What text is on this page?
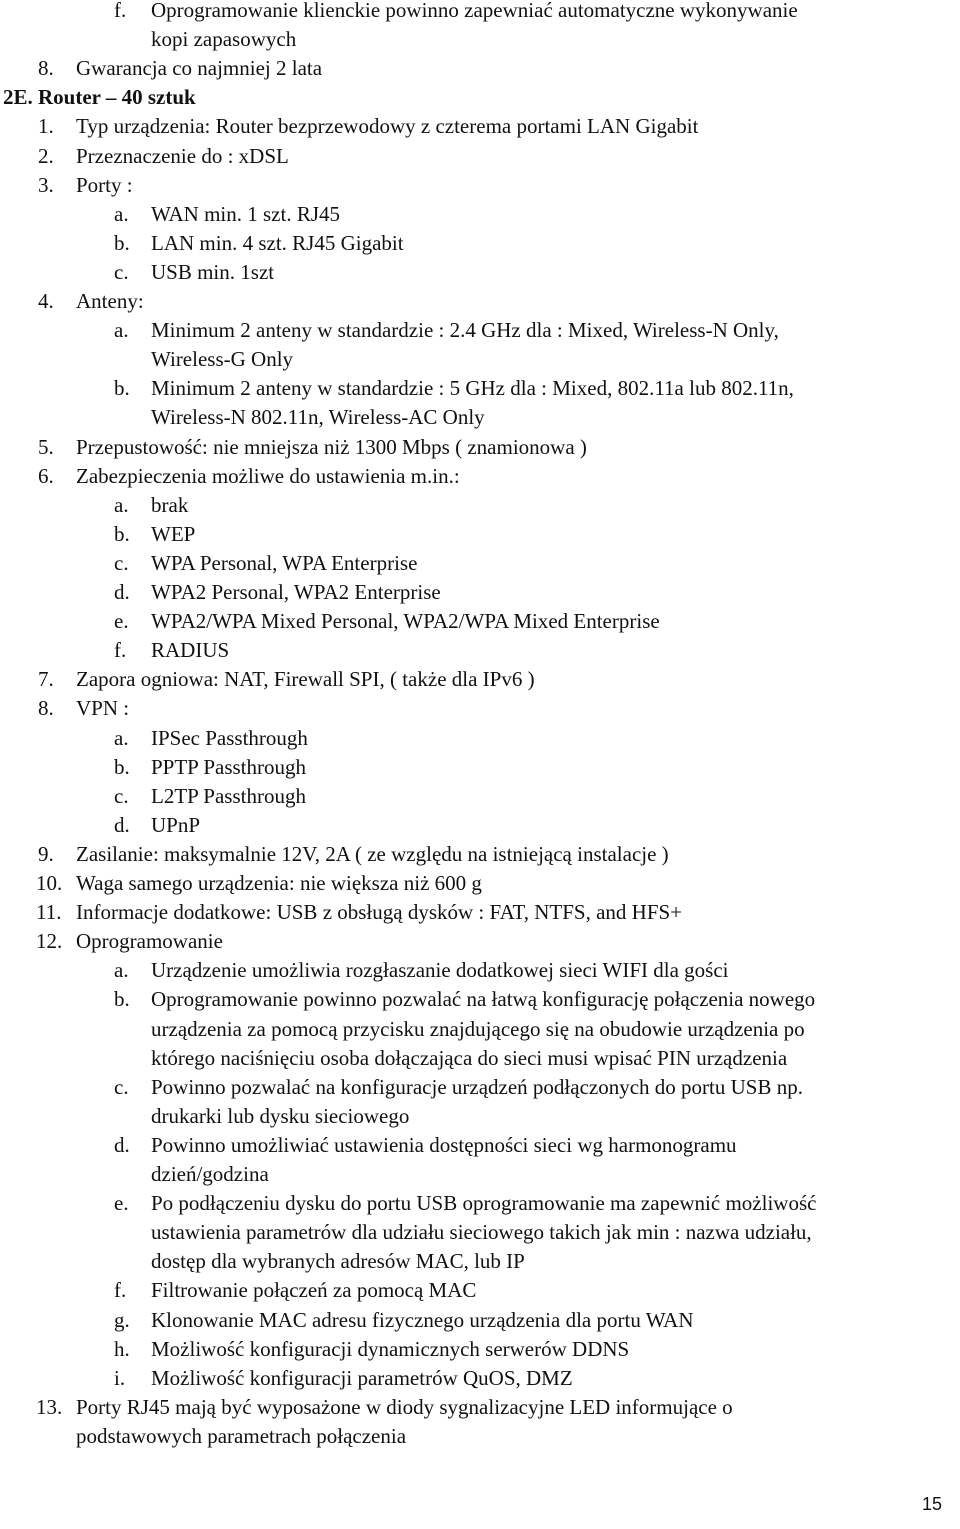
f. Oprogramowanie klienckie powinno zapewniać automatyczne wykonywanie
kopi zapasowych
8. Gwarancja co najmniej 2 lata
2E. Router – 40 sztuk
1. Typ urządzenia: Router bezprzewodowy z czterema portami LAN Gigabit
2. Przeznaczenie do : xDSL
3. Porty :
a. WAN min. 1 szt. RJ45
b. LAN min. 4 szt. RJ45 Gigabit
c. USB min. 1szt
4. Anteny:
a. Minimum 2 anteny w standardzie : 2.4 GHz dla : Mixed, Wireless-N Only,
Wireless-G Only
b. Minimum 2 anteny w standardzie : 5 GHz dla : Mixed, 802.11a lub 802.11n,
Wireless-N 802.11n, Wireless-AC Only
5. Przepustowość: nie mniejsza niż 1300 Mbps ( znamionowa )
6. Zabezpieczenia możliwe do ustawienia m.in.:
a. brak
b. WEP
c. WPA Personal, WPA Enterprise
d. WPA2 Personal, WPA2 Enterprise
e. WPA2/WPA Mixed Personal, WPA2/WPA Mixed Enterprise
f. RADIUS
7. Zapora ogniowa: NAT, Firewall SPI, ( także dla IPv6 )
8. VPN :
a. IPSec Passthrough
b. PPTP Passthrough
c. L2TP Passthrough
d. UPnP
9. Zasilanie: maksymalnie 12V, 2A ( ze względu na istniejącą instalacje )
10. Waga samego urządzenia: nie większa niż 600 g
11. Informacje dodatkowe: USB z obsługą dysków : FAT, NTFS, and HFS+
12. Oprogramowanie
a. Urządzenie umożliwia rozgłaszanie dodatkowej sieci WIFI dla gości
b. Oprogramowanie powinno pozwalać na łatwą konfigurację połączenia nowego
urządzenia za pomocą przycisku znajdującego się na obudowie urządzenia po
którego naciśnięciu osoba dołączająca do sieci musi wpisać PIN urządzenia
c. Powinno pozwalać na konfiguracje urządzeń podłączonych do portu USB np.
drukarki lub dysku sieciowego
d. Powinno umożliwiać ustawienia dostępności sieci wg harmonogramu
dzień/godzina
e. Po podłączeniu dysku do portu USB oprogramowanie ma zapewnić możliwość
ustawienia parametrów dla udziału sieciowego takich jak min : nazwa udziału,
dostęp dla wybranych adresów MAC, lub IP
f. Filtrowanie połączeń za pomocą MAC
g. Klonowanie MAC adresu fizycznego urządzenia dla portu WAN
h. Możliwość konfiguracji dynamicznych serwerów DDNS
i. Możliwość konfiguracji parametrów QuOS, DMZ
13. Porty RJ45 mają być wyposażone w diody sygnalizacyjne LED informujące o
podstawowych parametrach połączenia
15
